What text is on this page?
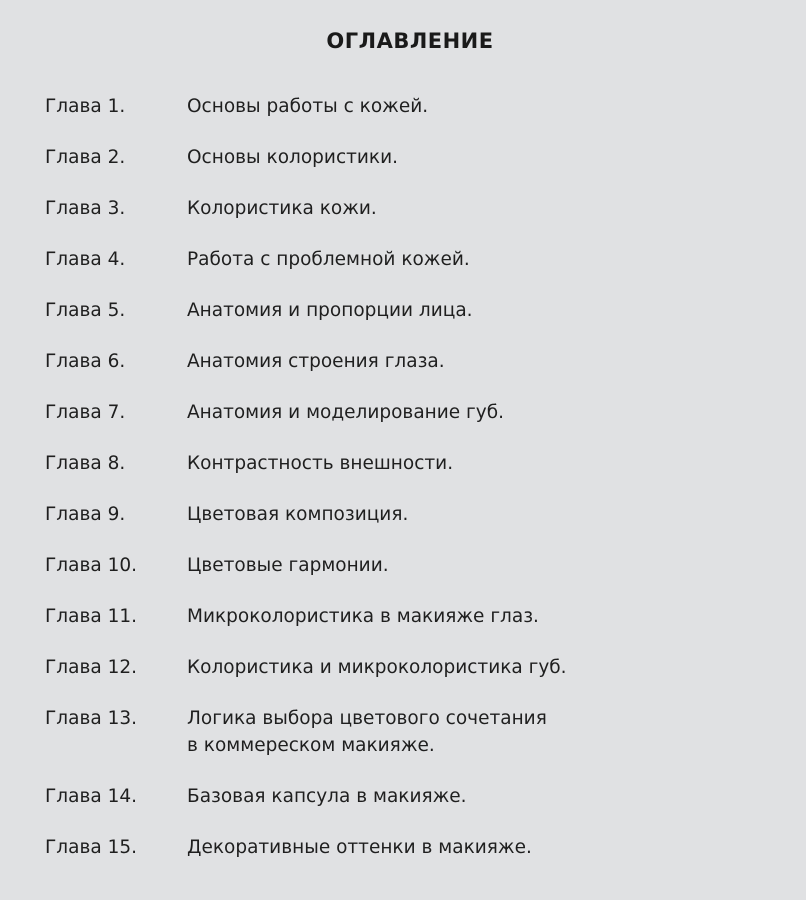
ОГЛАВЛЕНИЕ
Глава 1.	Основы работы с кожей.
Глава 2.	Основы колористики.
Глава 3.	Колористика кожи.
Глава 4.	Работа с проблемной кожей.
Глава 5.	Анатомия и пропорции лица.
Глава 6.	Анатомия строения глаза.
Глава 7.	Анатомия и моделирование губ.
Глава 8.	Контрастность внешности.
Глава 9.	Цветовая композиция.
Глава 10.	Цветовые гармонии.
Глава 11.	Микроколористика в макияже глаз.
Глава 12.	Колористика и микроколористика губ.
Глава 13.	Логика выбора цветового сочетания
в коммереском макияже.
Глава 14.	Базовая капсула в макияже.
Глава 15.	Декоративные оттенки в макияже.
